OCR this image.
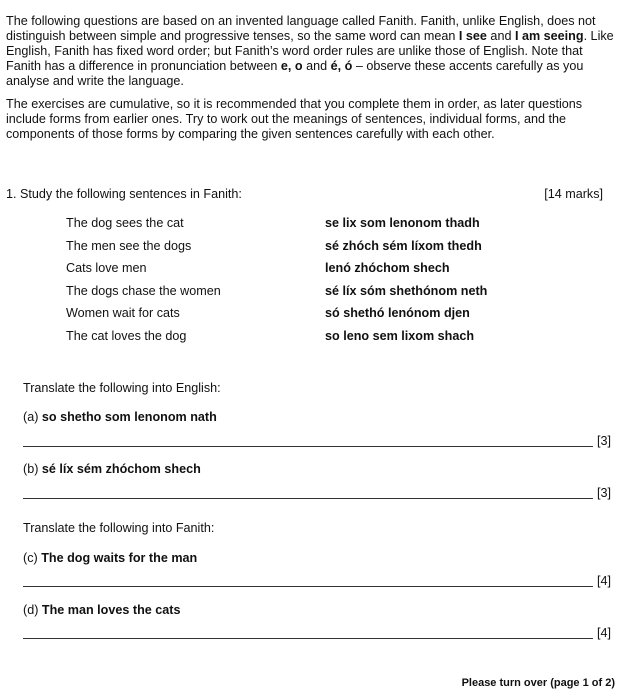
The following questions are based on an invented language called Fanith. Fanith, unlike English, does not distinguish between simple and progressive tenses, so the same word can mean I see and I am seeing. Like English, Fanith has fixed word order; but Fanith’s word order rules are unlike those of English. Note that Fanith has a difference in pronunciation between e, o and é, ó – observe these accents carefully as you analyse and write the language.

The exercises are cumulative, so it is recommended that you complete them in order, as later questions include forms from earlier ones. Try to work out the meanings of sentences, individual forms, and the components of those forms by comparing the given sentences carefully with each other.

1. Study the following sentences in Fanith:	[14 marks]
The dog sees the cat	se lix som lenonom thadh
The men see the dogs	sé zhóch sém líxom thedh
Cats love men	lenó zhóchom shech
The dogs chase the women	sé líx sóm shethónom neth
Women wait for cats	só shethó lenónom djen
The cat loves the dog	so leno sem lixom shach
Translate the following into English:
(a) so shetho som lenonom nath
[3]
(b) sé líx sém zhóchom shech
[3]
Translate the following into Fanith:
(c) The dog waits for the man
[4]
(d) The man loves the cats
[4]
Please turn over (page 1 of 2)
